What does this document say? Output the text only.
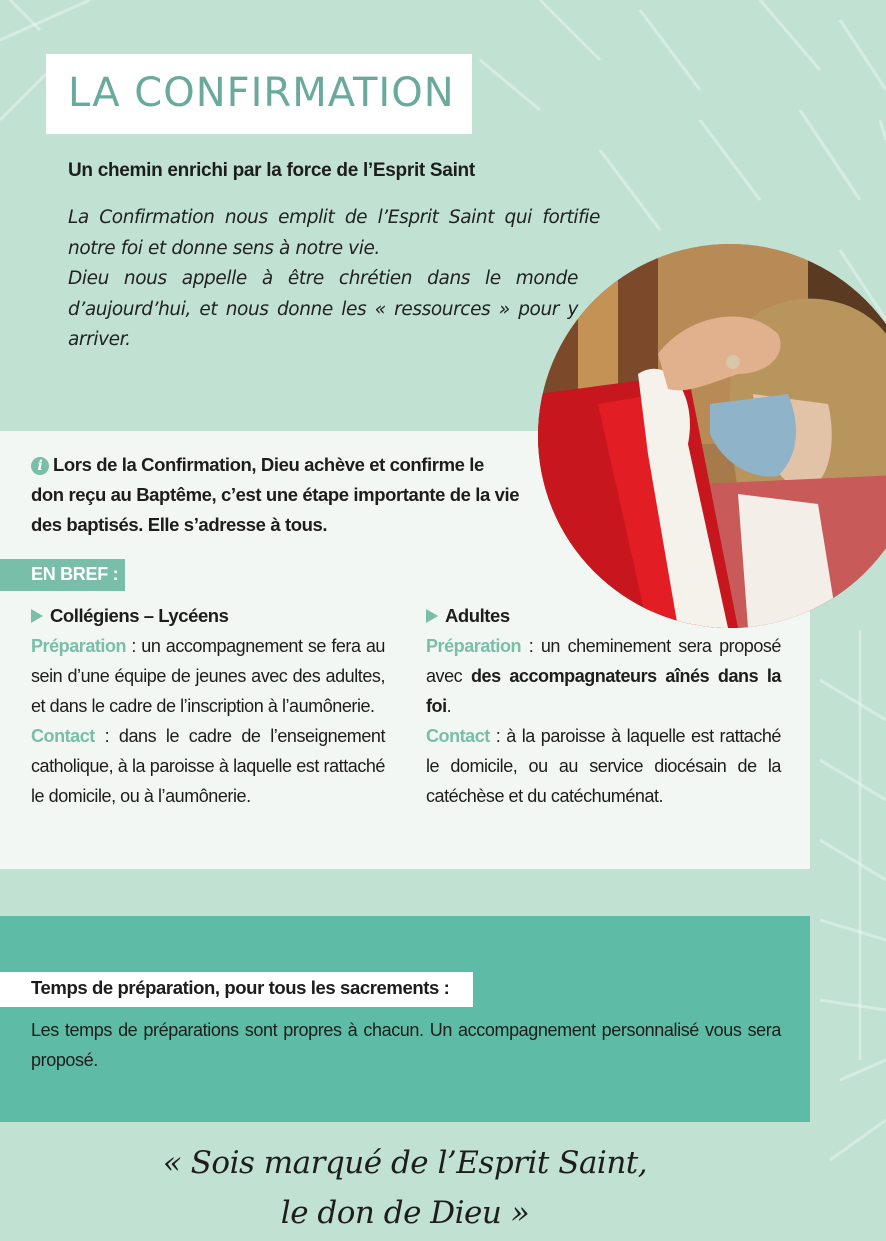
LA CONFIRMATION
Un chemin enrichi par la force de l’Esprit Saint

La Confirmation nous emplit de l’Esprit Saint qui fortifie notre foi et donne sens à notre vie.

Dieu nous appelle à être chrétien dans le monde d’aujourd’hui, et nous donne les « ressources » pour y arriver.

i Lors de la Confirmation, Dieu achève et confirme le don reçu au Baptême, c’est une étape importante de la vie des baptisés. Elle s’adresse à tous.
EN BREF :
Collégiens – Lycéens

Préparation : un accompagnement se fera au sein d’une équipe de jeunes avec des adultes, et dans le cadre de l’inscription à l’aumônerie.

Contact : dans le cadre de l’enseignement catholique, à la paroisse à laquelle est rattaché le domicile, ou à l’aumônerie.

Adultes

Préparation : un cheminement sera proposé avec des accompagnateurs aînés dans la foi.

Contact : à la paroisse à laquelle est rattaché le domicile, ou au service diocésain de la catéchèse et du catéchuménat.

Temps de préparation, pour tous les sacrements :
Les temps de préparations sont propres à chacun. Un accompagnement personnalisé vous sera proposé.
« Sois marqué de l’Esprit Saint,
le don de Dieu »
